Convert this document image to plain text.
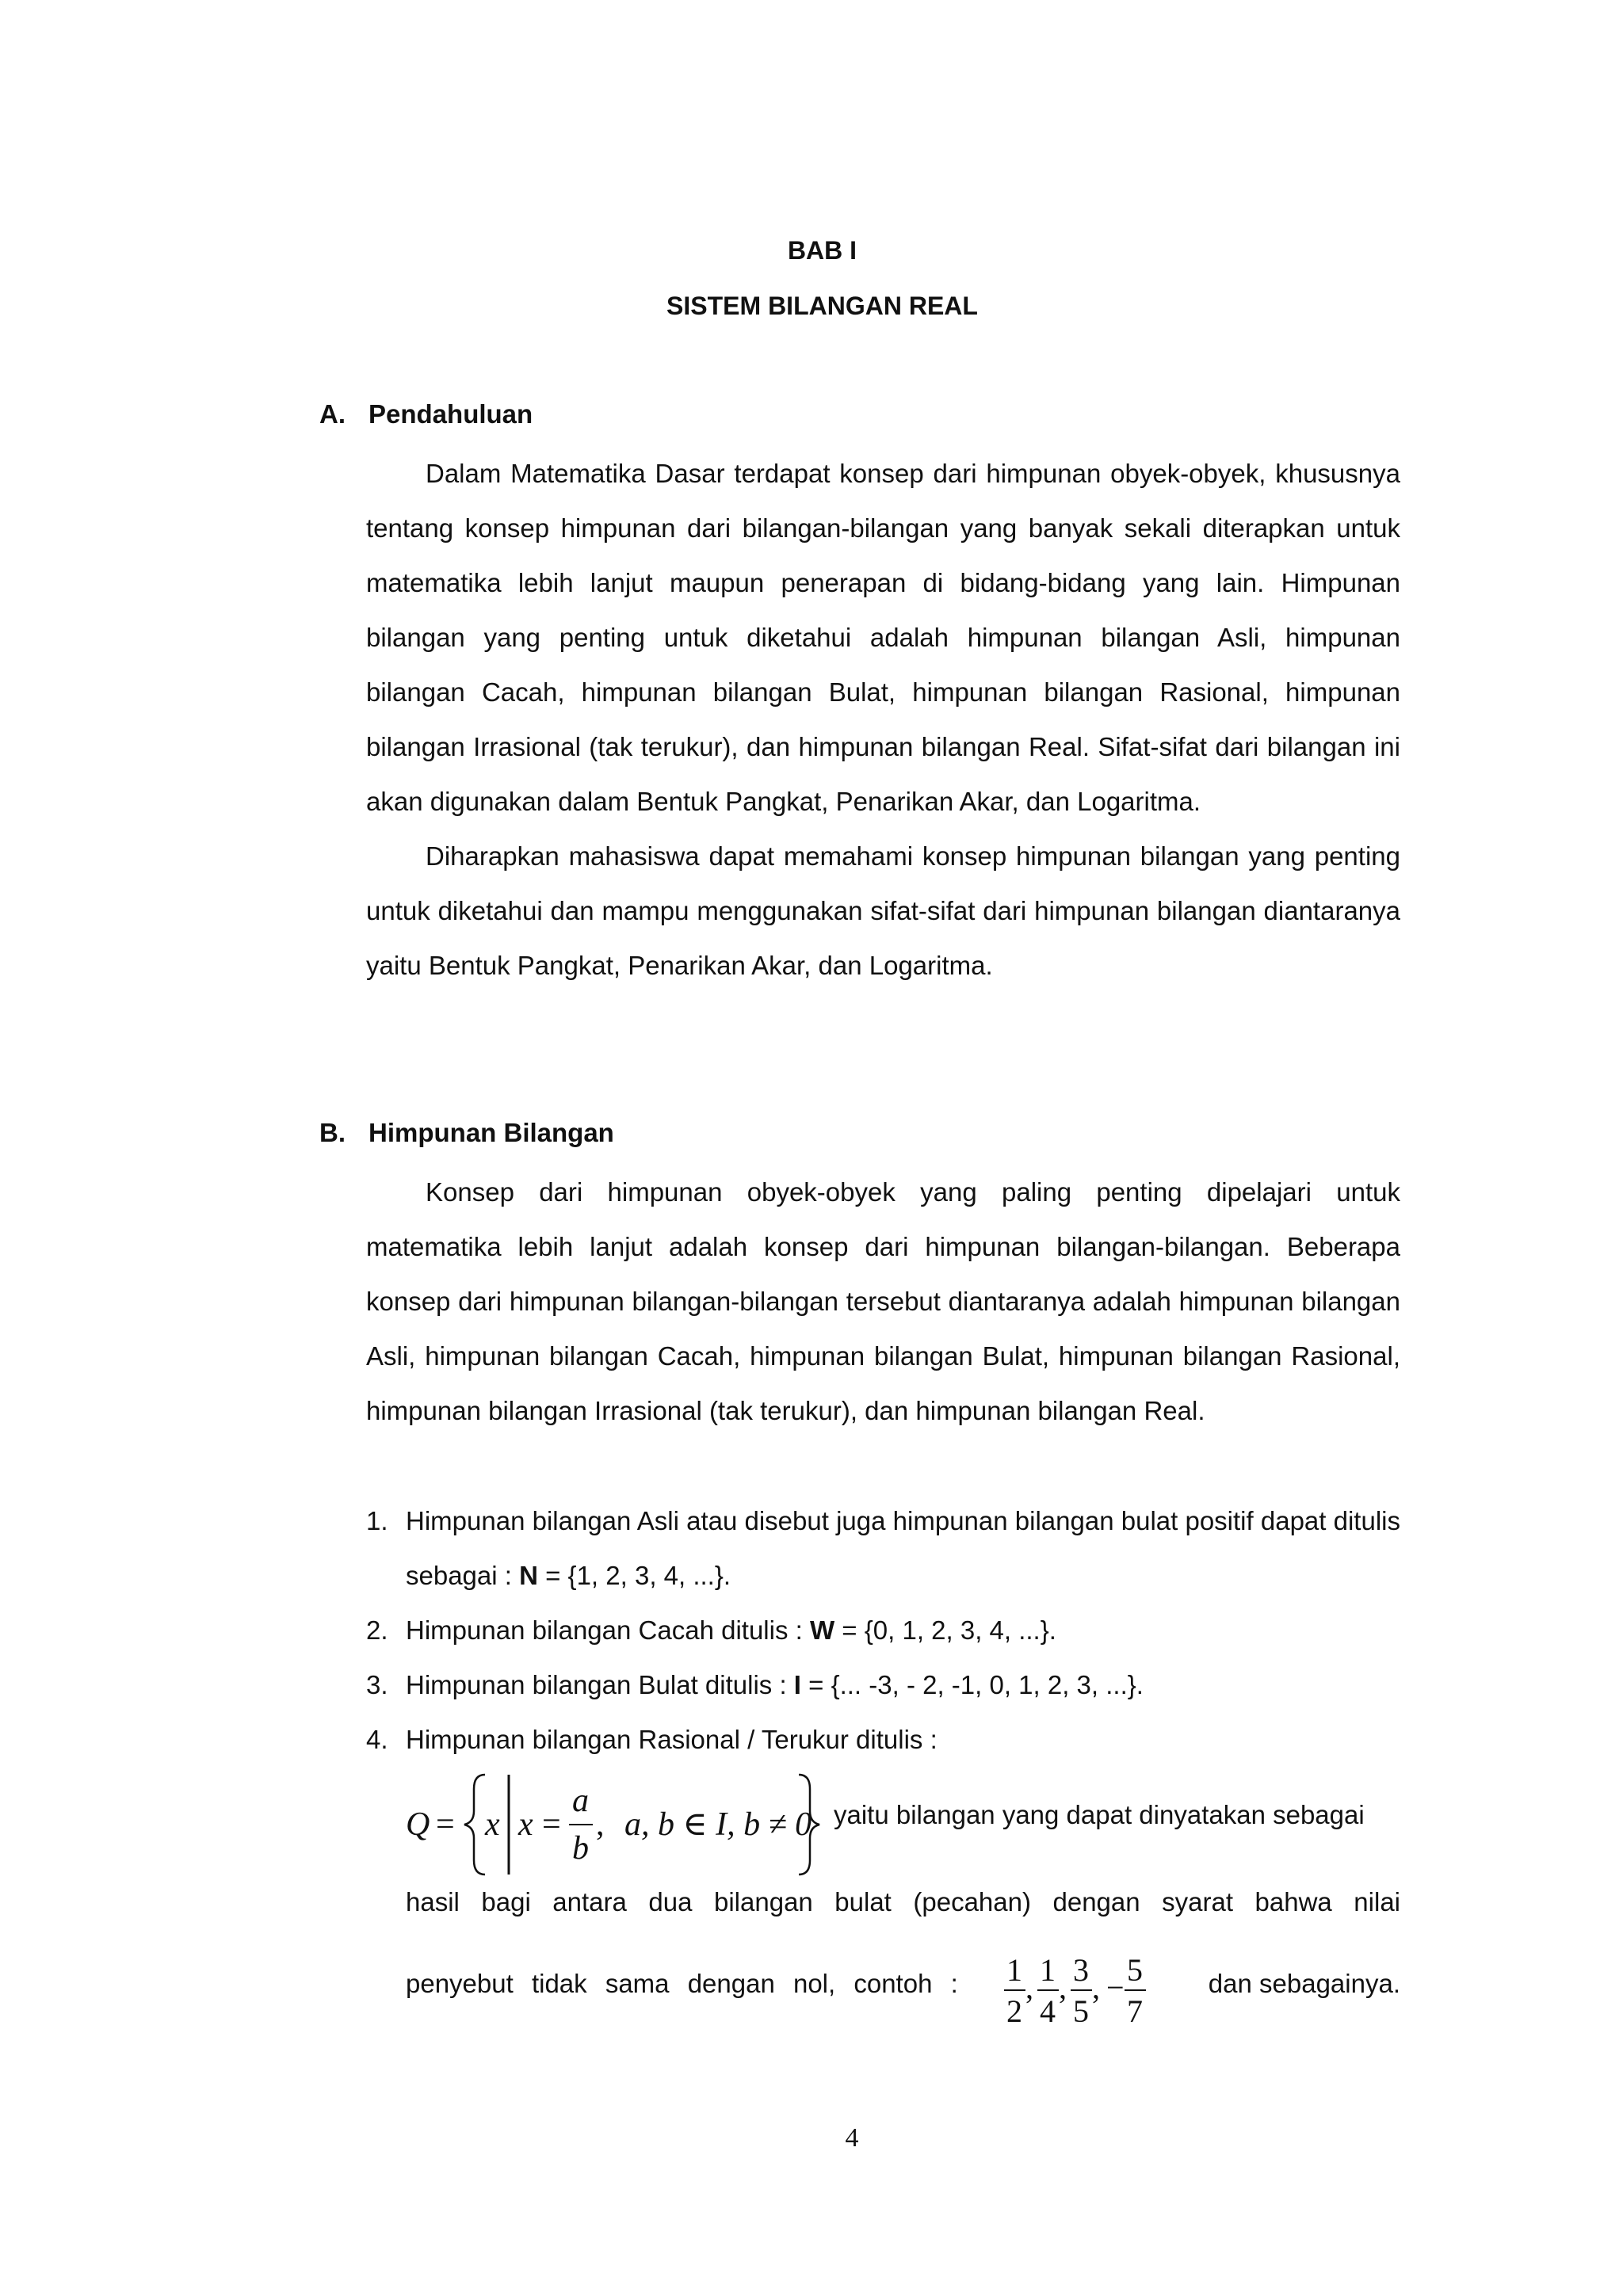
BAB I
SISTEM BILANGAN REAL
A. Pendahuluan

Dalam Matematika Dasar terdapat konsep dari himpunan obyek-obyek, khususnya tentang konsep himpunan dari bilangan-bilangan yang banyak sekali diterapkan untuk matematika lebih lanjut maupun penerapan di bidang-bidang yang lain. Himpunan bilangan yang penting untuk diketahui adalah himpunan bilangan Asli, himpunan bilangan Cacah, himpunan bilangan Bulat, himpunan bilangan Rasional, himpunan bilangan Irrasional (tak terukur), dan himpunan bilangan Real. Sifat-sifat dari bilangan ini akan digunakan dalam Bentuk Pangkat, Penarikan Akar, dan Logaritma.

Diharapkan mahasiswa dapat memahami konsep himpunan bilangan yang penting untuk diketahui dan mampu menggunakan sifat-sifat dari himpunan bilangan diantaranya yaitu Bentuk Pangkat, Penarikan Akar, dan Logaritma.

B. Himpunan Bilangan

Konsep dari himpunan obyek-obyek yang paling penting dipelajari untuk matematika lebih lanjut adalah konsep dari himpunan bilangan-bilangan. Beberapa konsep dari himpunan bilangan-bilangan tersebut diantaranya adalah himpunan bilangan Asli, himpunan bilangan Cacah, himpunan bilangan Bulat, himpunan bilangan Rasional, himpunan bilangan Irrasional (tak terukur), dan himpunan bilangan Real.

1. Himpunan bilangan Asli atau disebut juga himpunan bilangan bulat positif dapat ditulis sebagai : N = {1, 2, 3, 4, ...}.
2. Himpunan bilangan Cacah ditulis : W = {0, 1, 2, 3, 4, ...}.
3. Himpunan bilangan Bulat ditulis : I = {... -3, - 2, -1, 0, 1, 2, 3, ...}.
4. Himpunan bilangan Rasional / Terukur ditulis :
Q = x x =
a
b
, a, b ∈ I, b ≠ 0 yaitu bilangan yang dapat dinyatakan sebagai
hasil bagi antara dua bilangan bulat (pecahan) dengan syarat bahwa nilai
penyebut tidak sama dengan nol, contoh :	1
2
, 1
4
, 3
5
, − 5
7
dan sebagainya.
4
